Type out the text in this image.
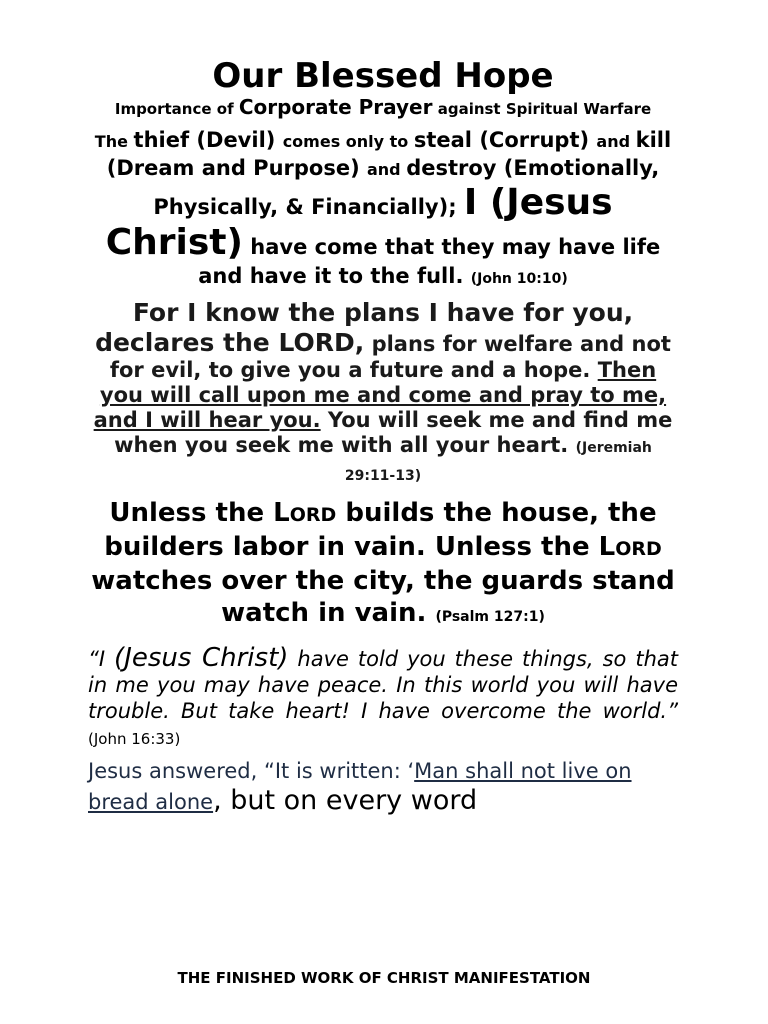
Our Blessed Hope
Importance of Corporate Prayer against Spiritual Warfare
The thief (Devil) comes only to steal (Corrupt) and kill (Dream and Purpose) and destroy (Emotionally, Physically, & Financially); I (Jesus Christ) have come that they may have life and have it to the full. (John 10:10)
For I know the plans I have for you, declares the LORD, plans for welfare and not for evil, to give you a future and a hope. Then you will call upon me and come and pray to me, and I will hear you. You will seek me and find me when you seek me with all your heart. (Jeremiah 29:11-13)
Unless the LORD builds the house, the builders labor in vain. Unless the LORD watches over the city, the guards stand watch in vain. (Psalm 127:1)
“I (Jesus Christ) have told you these things, so that in me you may have peace. In this world you will have trouble. But take heart! I have overcome the world.” (John 16:33)
Jesus answered, “It is written: ‘Man shall not live on bread alone, but on every word
THE FINISHED WORK OF CHRIST MANIFESTATION
